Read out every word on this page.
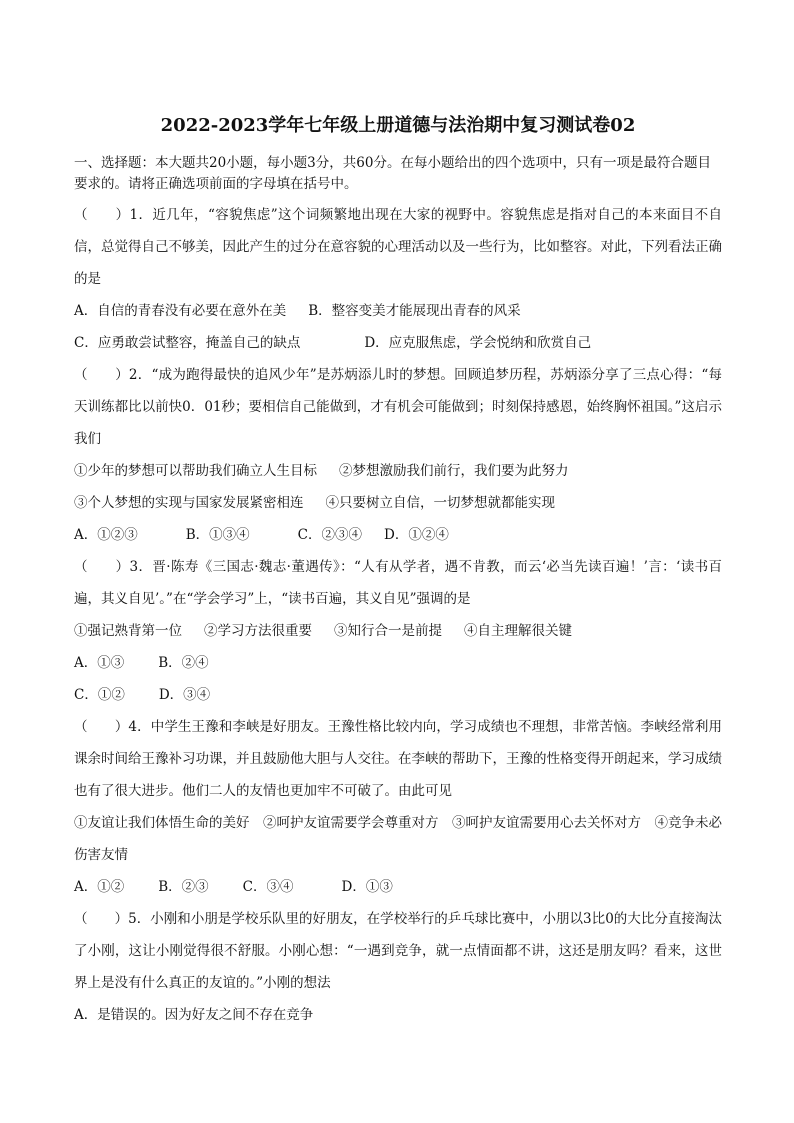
2022-2023学年七年级上册道德与法治期中复习测试卷02

一、选择题：本大题共20小题，每小题3分，共60分。在每小题给出的四个选项中，只有一项是最符合题目要求的。请将正确选项前面的字母填在括号中。

（　　）1．近几年，“容貌焦虑”这个词频繁地出现在大家的视野中。容貌焦虑是指对自己的本来面目不自信，总觉得自己不够美，因此产生的过分在意容貌的心理活动以及一些行为，比如整容。对此，下列看法正确的是

A．自信的青春没有必要在意外在美 B．整容变美才能展现出青春的风采
C．应勇敢尝试整容，掩盖自己的缺点	D．应克服焦虑，学会悦纳和欣赏自己

（　　）2．“成为跑得最快的追风少年”是苏炳添儿时的梦想。回顾追梦历程，苏炳添分享了三点心得：“每天训练都比以前快0．01秒；要相信自己能做到，才有机会可能做到；时刻保持感恩，始终胸怀祖国。”这启示我们

①少年的梦想可以帮助我们确立人生目标 ②梦想激励我们前行，我们要为此努力
③个人梦想的实现与国家发展紧密相连 ④只要树立自信，一切梦想就都能实现
A．①②③	B．①③④	C．②③④ D．①②④

（　　）3．晋·陈寿《三国志·魏志·董遇传》：“人有从学者，遇不肯教，而云‘必当先读百遍！’言：‘读书百遍，其义自见’。”在“学会学习”上，“读书百遍，其义自见”强调的是

①强记熟背第一位 ②学习方法很重要 ③知行合一是前提 ④自主理解很关键
A．①③	B．②④
C．①②	D．③④

（　　）4．中学生王豫和李峡是好朋友。王豫性格比较内向，学习成绩也不理想，非常苦恼。李峡经常利用课余时间给王豫补习功课，并且鼓励他大胆与人交往。在李峡的帮助下，王豫的性格变得开朗起来，学习成绩也有了很大进步。他们二人的友情也更加牢不可破了。由此可见

①友谊让我们体悟生命的美好　②呵护友谊需要学会尊重对方　③呵护友谊需要用心去关怀对方　④竞争未必伤害友情

A．①②	B．②③	C．③④	D．①③

（　　）5．小刚和小朋是学校乐队里的好朋友，在学校举行的乒乓球比赛中，小朋以3比0的大比分直接淘汰了小刚，这让小刚觉得很不舒服。小刚心想：“一遇到竞争，就一点情面都不讲，这还是朋友吗？看来，这世界上是没有什么真正的友谊的。”小刚的想法

A．是错误的。因为好友之间不存在竞争
